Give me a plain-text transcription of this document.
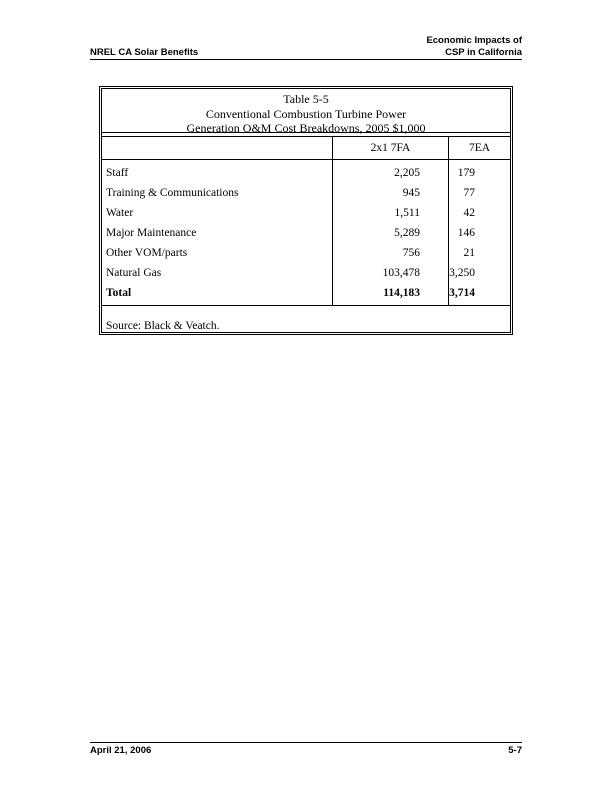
NREL CA Solar Benefits
Economic Impacts of
CSP in California
Table 5-5
Conventional Combustion Turbine Power
Generation O&M Cost Breakdowns, 2005 $1,000
	2x1 7FA	7EA
Staff	2,205	179
Training & Communications	945	77
Water	1,511	42
Major Maintenance	5,289	146
Other VOM/parts	756	21
Natural Gas	103,478	3,250
Total	114,183	3,714
Source: Black & Veatch.
April 21, 2006	5-7
